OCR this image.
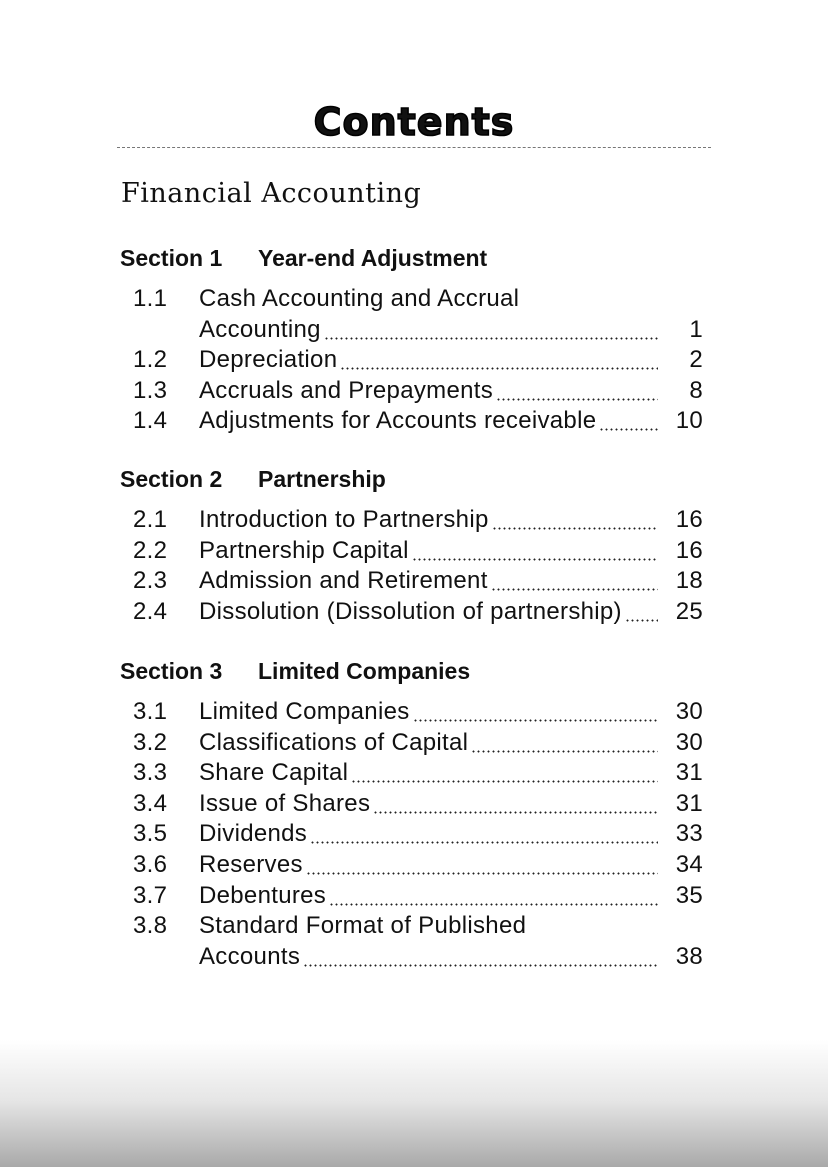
Contents
Financial Accounting
Section 1	Year-end Adjustment
1.1	Cash Accounting and Accrual
Accounting	1
1.2	Depreciation	2
1.3	Accruals and Prepayments	8
1.4	Adjustments for Accounts receivable	10
Section 2	Partnership
2.1	Introduction to Partnership	16
2.2	Partnership Capital	16
2.3	Admission and Retirement	18
2.4	Dissolution (Dissolution of partnership)	25
Section 3	Limited Companies
3.1	Limited Companies	30
3.2	Classifications of Capital	30
3.3	Share Capital	31
3.4	Issue of Shares	31
3.5	Dividends	33
3.6	Reserves	34
3.7	Debentures	35
3.8	Standard Format of Published
Accounts	38
